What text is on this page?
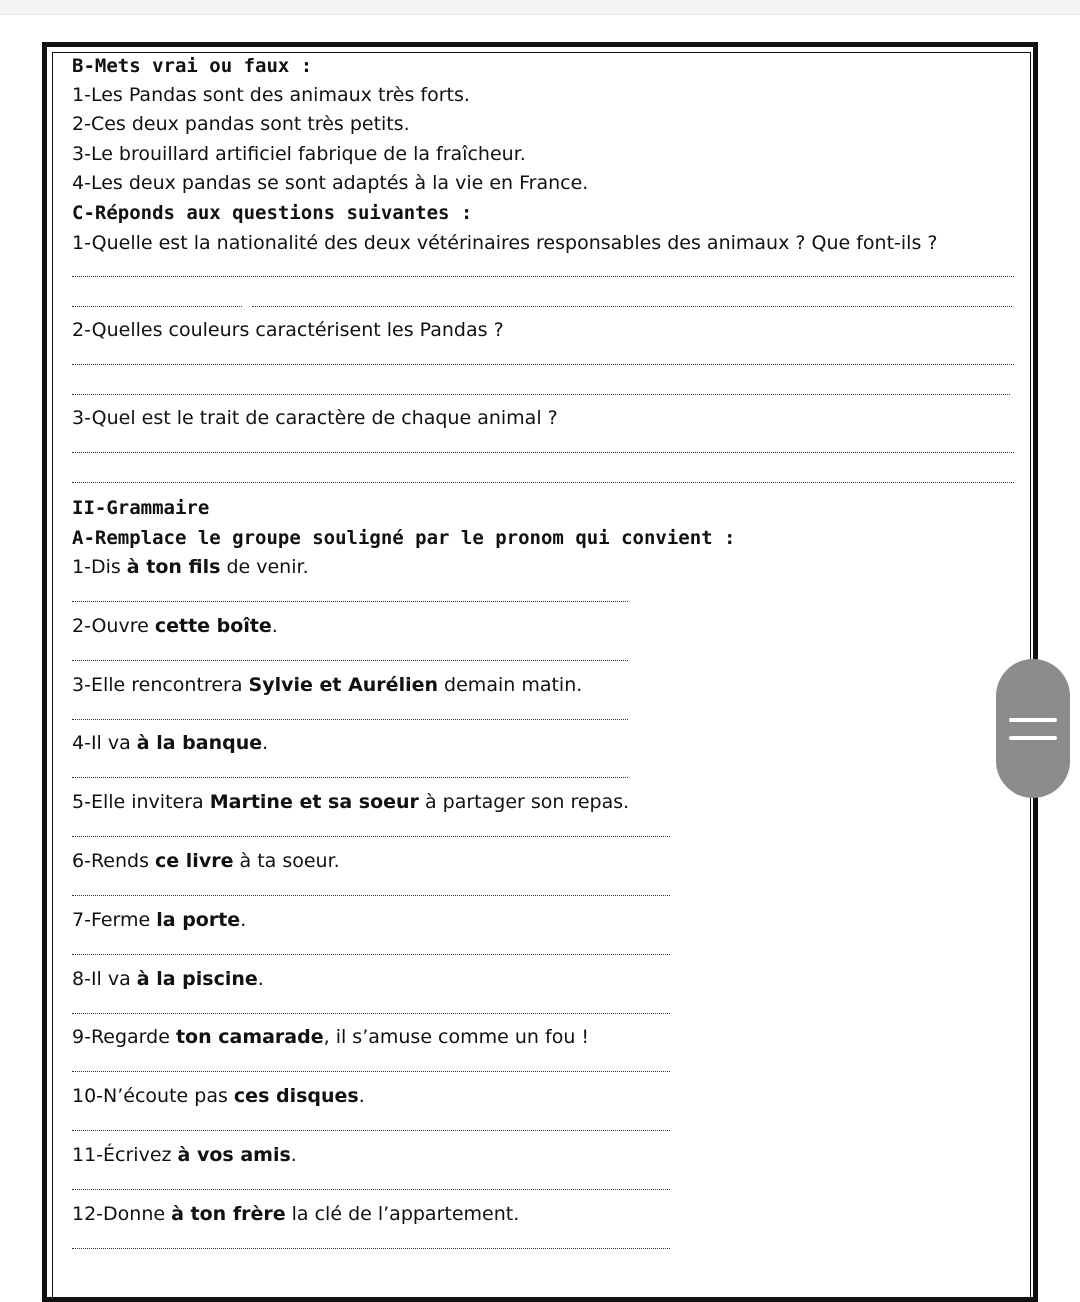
B-Mets vrai ou faux :
1-Les Pandas sont des animaux très forts.
2-Ces deux pandas sont très petits.
3-Le brouillard artificiel fabrique de la fraîcheur.
4-Les deux pandas se sont adaptés à la vie en France.
C-Réponds aux questions suivantes :
1-Quelle est la nationalité des deux vétérinaires responsables des animaux ? Que font-ils ?
2-Quelles couleurs caractérisent les Pandas ?
3-Quel est le trait de caractère de chaque animal ?
II-Grammaire
A-Remplace le groupe souligné par le pronom qui convient :
1-Dis à ton fils de venir.
2-Ouvre cette boîte.
3-Elle rencontrera Sylvie et Aurélien demain matin.
4-Il va à la banque.
5-Elle invitera Martine et sa soeur à partager son repas.
6-Rends ce livre à ta soeur.
7-Ferme la porte.
8-Il va à la piscine.
9-Regarde ton camarade, il s’amuse comme un fou !
10-N’écoute pas ces disques.
11-Écrivez à vos amis.
12-Donne à ton frère la clé de l’appartement.
